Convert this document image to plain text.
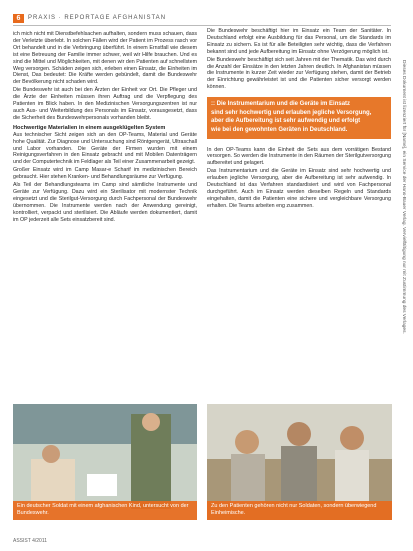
6	PRAXIS · REPORTAGE AFGHANISTAN

ich mich nicht mit Dienstbefehlsachen aufhalten, sondern muss schauen, dass der Verletzte überlebt. In solchen Fällen wird der Patient im Prozess rasch vor Ort behandelt und in die Verbringung überführt. In einem Ernstfall wie diesem ist eine Betreuung der Familie immer schwer, weil wir Hilfe brauchen. Und es sind die Mittel und Möglichkeiten, mit denen wir den Patienten auf schnellstem Weg versorgen. Schäden zeigen sich, erleben einen Einsatz, die Einheiten im Dienst, Das bedeutet: Die Kräfte werden gebündelt, damit die Bundeswehr der Bevölkerung nicht schaden wird.

Die Bundeswehr ist auch bei den Ärzten der Einheit vor Ort. Die Pfleger und die Ärzte der Einheiten müssen ihren Auftrag und die Verpflegung des Patienten im Blick haben. In den Medizinischen Versorgungszentren ist nur auch Aus- und Weiterbildung des Personals im Einsatz, vorausgesetzt, dass die Sicherheit des Bundeswehrpersonals vorhanden bleibt.

Hochwertige Materialien in einem ausgeklügelten System

Aus technischer Sicht zeigen sich an den OP-Teams, Material und Geräte hohe Qualität. Zur Diagnose und Untersuchung sind Röntgengerät, Ultraschall und Labor vorhanden. Die Geräte der Firmen wurden mit einem Reinigungsverfahren in den Einsatz gebracht und mit Mobilen Datenträgern und der Computertechnik im Feldlager als Teil einer Zusammenarbeit gezeigt.

Großer Einsatz wird im Camp Masar-e Scharif im medizinischen Bereich gebraucht. Hier stehen Kranken- und Behandlungsräume zur Verfügung.

Als Teil der Behandlungsteams im Camp sind sämtliche Instrumente und Geräte zur Verfügung. Dazu wird ein Sterilisator mit modernster Technik eingesetzt und die Sterilgut-Versorgung durch Fachpersonal der Bundeswehr übernommen. Die Instrumente werden nach der Anwendung gereinigt, kontrolliert, verpackt und sterilisiert. Die Abläufe werden dokumentiert, damit im OP jederzeit alle Sets einsatzbereit sind.

Die Bundeswehr beschäftigt hier im Einsatz ein Team der Sanitäter. In Deutschland erfolgt eine Ausbildung für das Personal, um die Standards im Einsatz zu sichern. Es ist für alle Beteiligten sehr wichtig, dass die Verfahren bekannt sind und jede Aufbereitung im Einsatz ohne Verzögerung möglich ist.

Die Bundeswehr beschäftigt sich seit Jahren mit der Thematik. Das wird durch die Anzahl der Einsätze in den letzten Jahren deutlich. In Afghanistan müssen die Instrumente in kurzer Zeit wieder zur Verfügung stehen, damit der Betrieb der Einrichtung gewährleistet ist und die Patienten sicher versorgt werden können.

:: Die Instrumentarium und die Geräte im Einsatz

sind sehr hochwertig und erlauben jegliche Versorgung,

aber die Aufbereitung ist sehr aufwendig und erfolgt

wie bei den gewohnten Geräten in Deutschland.

In den OP-Teams kann die Einheit die Sets aus dem vorrätigen Bestand versorgen. So werden die Instrumente in den Räumen der Sterilgutversorgung aufbereitet und gelagert.

Das Instrumentarium und die Geräte im Einsatz sind sehr hochwertig und erlauben jegliche Versorgung, aber die Aufbereitung ist sehr aufwendig. In Deutschland ist das Verfahren standardisiert und wird von Fachpersonal durchgeführt. Auch im Einsatz werden dieselben Regeln und Standards eingehalten, damit die Patienten eine sichere und vergleichbare Versorgung erhalten. Die Teams arbeiten eng zusammen.

Ein deutscher Soldat mit einem afghanischen Kind, untersucht von der Bundeswehr.
Zu den Patienten gehören nicht nur Soldaten, sondern überwiegend Einheimische.
Dieses Dokument ist lizenziert für [Name], ein Service der Hans-Bauer Verlag. Vervielfältigung nur mit Zustimmung des Verlages.
ASSIST 4/2011
